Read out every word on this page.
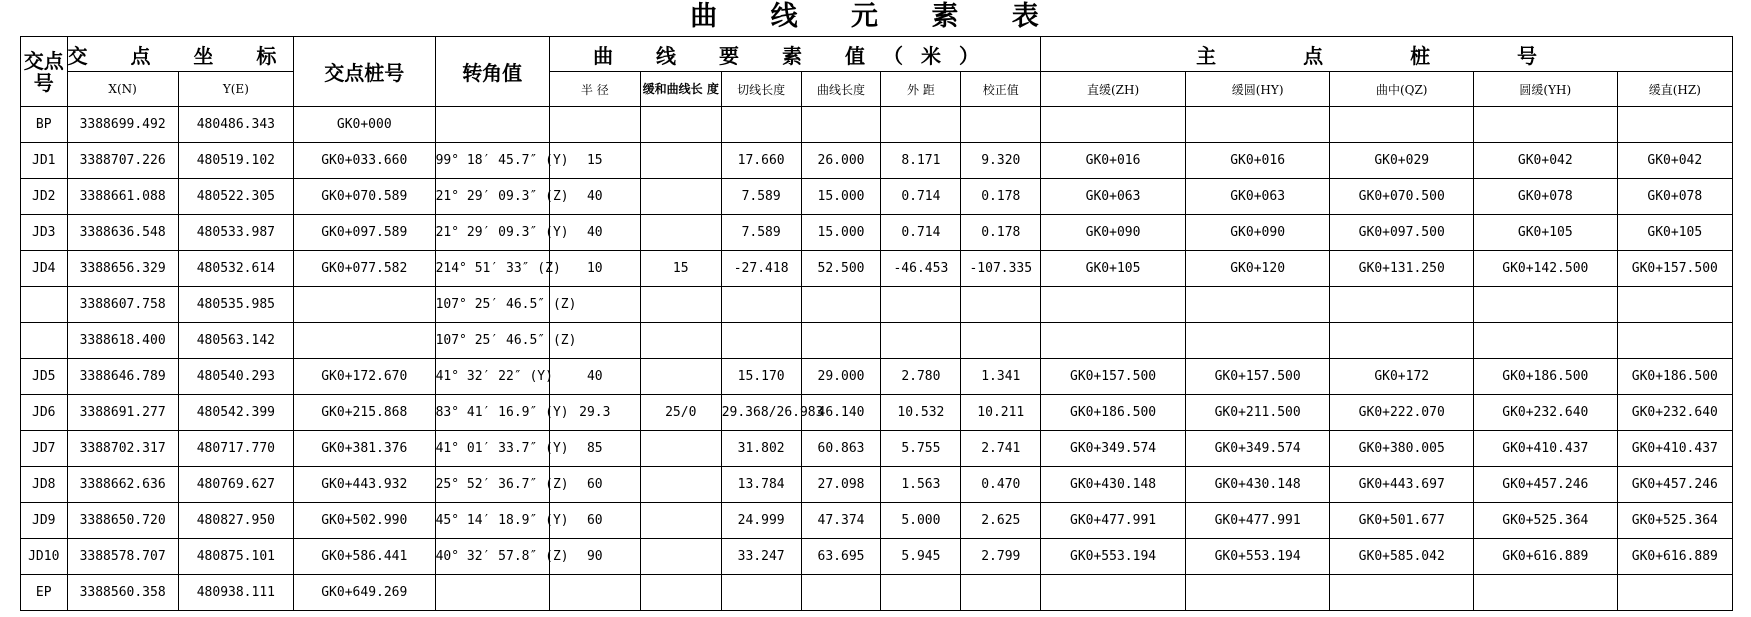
曲 线 元 素 表
交点号	交 点 坐 标		交点桩号	转角值	曲 线 要 素 值（米）						主 点 桩 号				
	X(N)	Y(E)			半 径	缓和曲线长 度	切线长度	曲线长度	外 距	校正值	直缓(ZH)	缓圆(HY)	曲中(QZ)	圆缓(YH)	缓直(HZ)
BP	3388699.492	480486.343	GK0+000												
JD1	3388707.226	480519.102	GK0+033.660	99° 18′ 45.7″ (Y)	15		17.660	26.000	8.171	9.320	GK0+016	GK0+016	GK0+029	GK0+042	GK0+042
JD2	3388661.088	480522.305	GK0+070.589	21° 29′ 09.3″ (Z)	40		7.589	15.000	0.714	0.178	GK0+063	GK0+063	GK0+070.500	GK0+078	GK0+078
JD3	3388636.548	480533.987	GK0+097.589	21° 29′ 09.3″ (Y)	40		7.589	15.000	0.714	0.178	GK0+090	GK0+090	GK0+097.500	GK0+105	GK0+105
JD4	3388656.329	480532.614	GK0+077.582	214° 51′ 33″ (Z)	10	15	-27.418	52.500	-46.453	-107.335	GK0+105	GK0+120	GK0+131.250	GK0+142.500	GK0+157.500
	3388607.758	480535.985		107° 25′ 46.5″ (Z)											
	3388618.400	480563.142		107° 25′ 46.5″ (Z)											
JD5	3388646.789	480540.293	GK0+172.670	41° 32′ 22″ (Y)	40		15.170	29.000	2.780	1.341	GK0+157.500	GK0+157.500	GK0+172	GK0+186.500	GK0+186.500
JD6	3388691.277	480542.399	GK0+215.868	83° 41′ 16.9″ (Y)	29.3	25/0	29.368/26.983	46.140	10.532	10.211	GK0+186.500	GK0+211.500	GK0+222.070	GK0+232.640	GK0+232.640
JD7	3388702.317	480717.770	GK0+381.376	41° 01′ 33.7″ (Y)	85		31.802	60.863	5.755	2.741	GK0+349.574	GK0+349.574	GK0+380.005	GK0+410.437	GK0+410.437
JD8	3388662.636	480769.627	GK0+443.932	25° 52′ 36.7″ (Z)	60		13.784	27.098	1.563	0.470	GK0+430.148	GK0+430.148	GK0+443.697	GK0+457.246	GK0+457.246
JD9	3388650.720	480827.950	GK0+502.990	45° 14′ 18.9″ (Y)	60		24.999	47.374	5.000	2.625	GK0+477.991	GK0+477.991	GK0+501.677	GK0+525.364	GK0+525.364
JD10	3388578.707	480875.101	GK0+586.441	40° 32′ 57.8″ (Z)	90		33.247	63.695	5.945	2.799	GK0+553.194	GK0+553.194	GK0+585.042	GK0+616.889	GK0+616.889
EP	3388560.358	480938.111	GK0+649.269												
